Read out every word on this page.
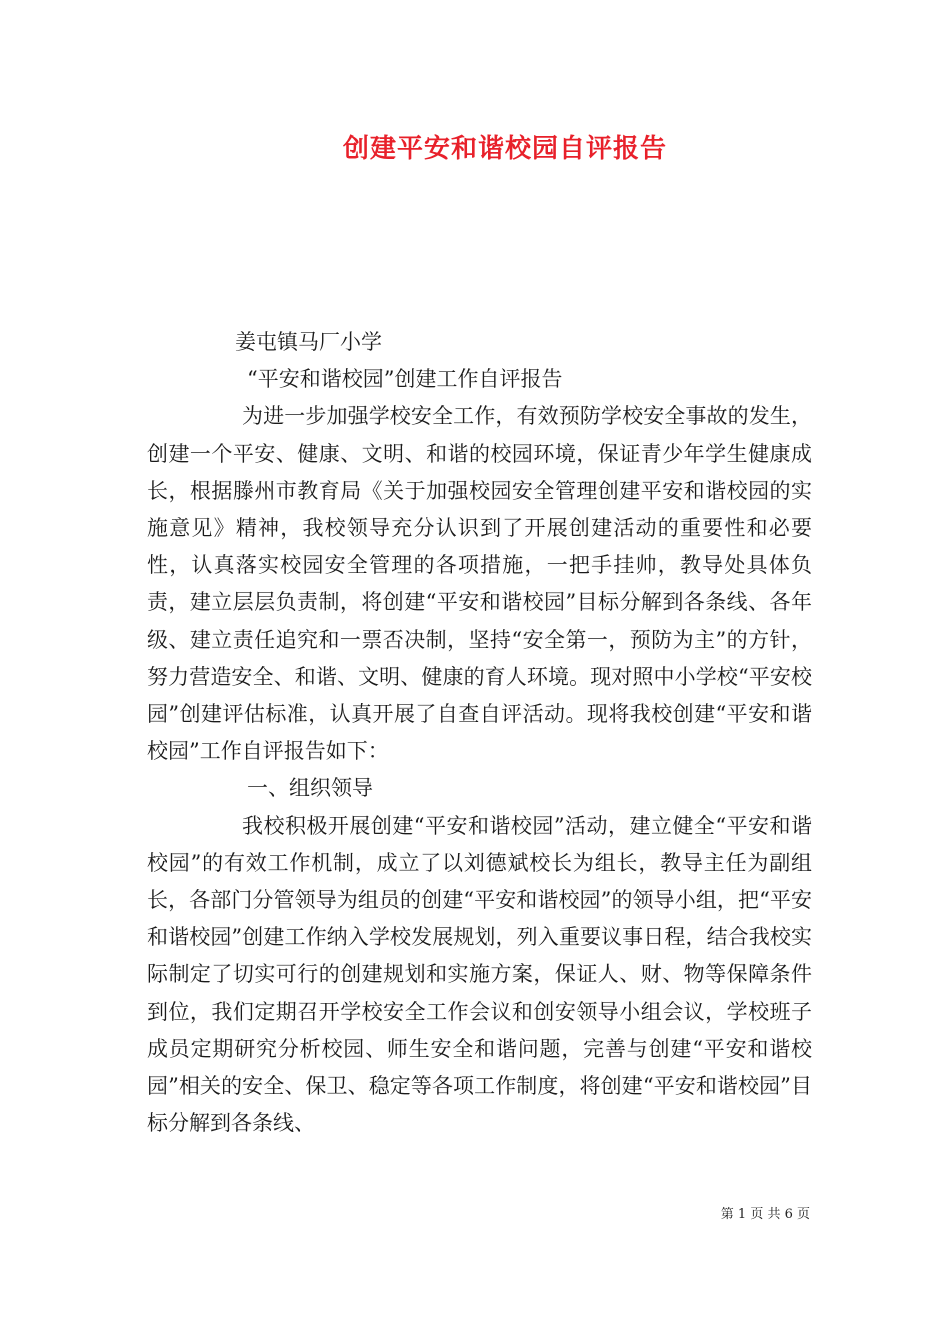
创建平安和谐校园自评报告

姜屯镇马厂小学

“平安和谐校园”创建工作自评报告

为进一步加强学校安全工作，有效预防学校安全事故的发生，创建一个平安、健康、文明、和谐的校园环境，保证青少年学生健康成长，根据滕州市教育局《关于加强校园安全管理创建平安和谐校园的实施意见》精神，我校领导充分认识到了开展创建活动的重要性和必要性，认真落实校园安全管理的各项措施，一把手挂帅，教导处具体负责，建立层层负责制，将创建“平安和谐校园”目标分解到各条线、各年级、建立责任追究和一票否决制，坚持“安全第一，预防为主”的方针，努力营造安全、和谐、文明、健康的育人环境。现对照中小学校“平安校园”创建评估标准，认真开展了自查自评活动。现将我校创建“平安和谐校园”工作自评报告如下：

一、组织领导

我校积极开展创建“平安和谐校园”活动，建立健全“平安和谐校园”的有效工作机制，成立了以刘德斌校长为组长，教导主任为副组长，各部门分管领导为组员的创建“平安和谐校园”的领导小组，把“平安和谐校园”创建工作纳入学校发展规划，列入重要议事日程，结合我校实际制定了切实可行的创建规划和实施方案，保证人、财、物等保障条件到位，我们定期召开学校安全工作会议和创安领导小组会议，学校班子成员定期研究分析校园、师生安全和谐问题，完善与创建“平安和谐校园”相关的安全、保卫、稳定等各项工作制度，将创建“平安和谐校园”目标分解到各条线、

第 1 页 共 6 页
